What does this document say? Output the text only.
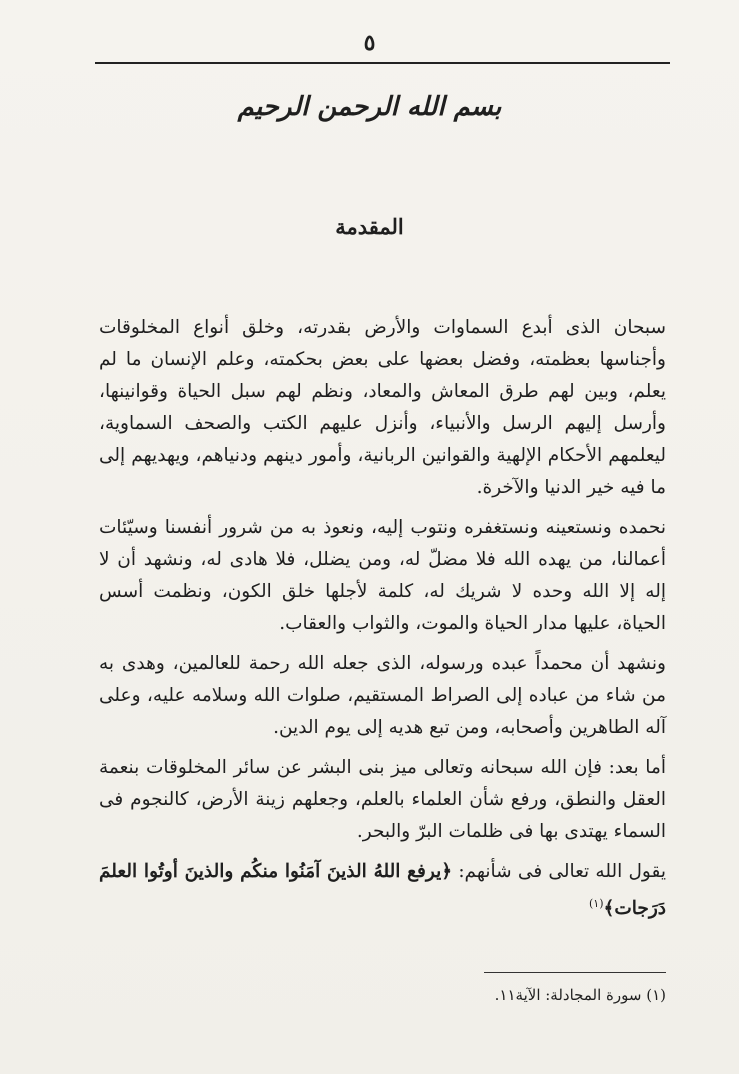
٥
بسم الله الرحمن الرحيم
المقدمة

سبحان الذى أبدع السماوات والأرض بقدرته، وخلق أنواع المخلوقات وأجناسها بعظمته، وفضل بعضها على بعض بحكمته، وعلم الإنسان ما لم يعلم، وبين لهم طرق المعاش والمعاد، ونظم لهم سبل الحياة وقوانينها، وأرسل إليهم الرسل والأنبياء، وأنزل عليهم الكتب والصحف السماوية، ليعلمهم الأحكام الإلهية والقوانين الربانية، وأمور دينهم ودنياهم، ويهديهم إلى ما فيه خير الدنيا والآخرة.

نحمده ونستعينه ونستغفره ونتوب إليه، ونعوذ به من شرور أنفسنا وسيّئات أعمالنا، من يهده الله فلا مضلّ له، ومن يضلل، فلا هادى له، ونشهد أن لا إله إلا الله وحده لا شريك له، كلمة لأجلها خلق الكون، ونظمت أسس الحياة، عليها مدار الحياة والموت، والثواب والعقاب.

ونشهد أن محمداً عبده ورسوله، الذى جعله الله رحمة للعالمين، وهدى به من شاء من عباده إلى الصراط المستقيم، صلوات الله وسلامه عليه، وعلى آله الطاهرين وأصحابه، ومن تبع هديه إلى يوم الدين.

أما بعد: فإن الله سبحانه وتعالى ميز بنى البشر عن سائر المخلوقات بنعمة العقل والنطق، ورفع شأن العلماء بالعلم، وجعلهم زينة الأرض، كالنجوم فى السماء يهتدى بها فى ظلمات البرّ والبحر.

يقول الله تعالى فى شأنهم: ﴿يرفع اللهُ الذينَ آمَنُوا منكُم والذينَ أوتُوا العلمَ دَرَجات﴾$^{(١)}$

(١) سورة المجادلة: الآية١١.
